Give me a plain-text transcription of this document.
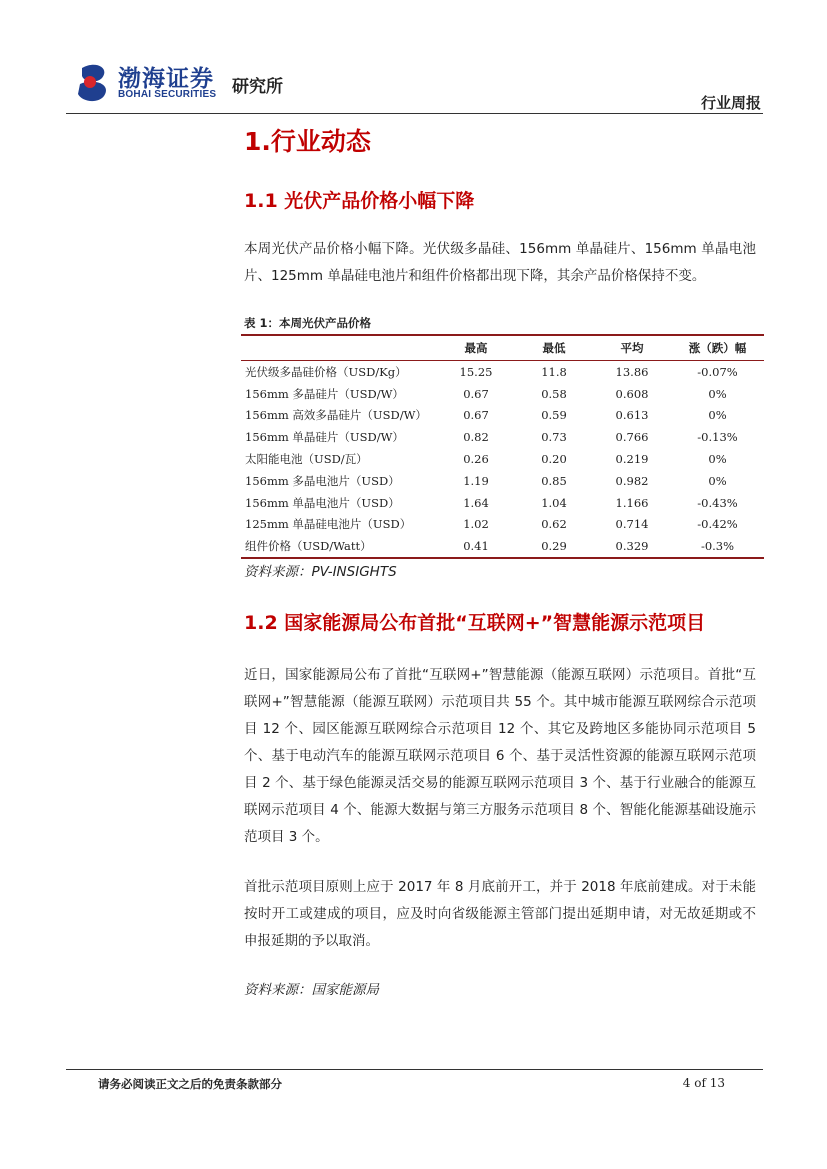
渤海证券
BOHAI SECURITIES 研究所
行业周报
1.行业动态
1.1 光伏产品价格小幅下降

本周光伏产品价格小幅下降。光伏级多晶硅、156mm 单晶硅片、156mm 单晶电池片、125mm 单晶硅电池片和组件价格都出现下降，其余产品价格保持不变。

表 1：本周光伏产品价格
	最高	最低	平均	涨（跌）幅
光伏级多晶硅价格（USD/Kg）	15.25	11.8	13.86	-0.07%
156mm 多晶硅片（USD/W）	0.67	0.58	0.608	0%
156mm 高效多晶硅片（USD/W）	0.67	0.59	0.613	0%
156mm 单晶硅片（USD/W）	0.82	0.73	0.766	-0.13%
太阳能电池（USD/瓦）	0.26	0.20	0.219	0%
156mm 多晶电池片（USD）	1.19	0.85	0.982	0%
156mm 单晶电池片（USD）	1.64	1.04	1.166	-0.43%
125mm 单晶硅电池片（USD）	1.02	0.62	0.714	-0.42%
组件价格（USD/Watt）	0.41	0.29	0.329	-0.3%
资料来源：PV-INSIGHTS
1.2 国家能源局公布首批“互联网+”智慧能源示范项目

近日，国家能源局公布了首批“互联网+”智慧能源（能源互联网）示范项目。首批“互联网+”智慧能源（能源互联网）示范项目共 55 个。其中城市能源互联网综合示范项目 12 个、园区能源互联网综合示范项目 12 个、其它及跨地区多能协同示范项目 5 个、基于电动汽车的能源互联网示范项目 6 个、基于灵活性资源的能源互联网示范项目 2 个、基于绿色能源灵活交易的能源互联网示范项目 3 个、基于行业融合的能源互联网示范项目 4 个、能源大数据与第三方服务示范项目 8 个、智能化能源基础设施示范项目 3 个。

首批示范项目原则上应于 2017 年 8 月底前开工，并于 2018 年底前建成。对于未能按时开工或建成的项目，应及时向省级能源主管部门提出延期申请，对无故延期或不申报延期的予以取消。

资料来源：国家能源局
请务必阅读正文之后的免责条款部分	4 of 13
